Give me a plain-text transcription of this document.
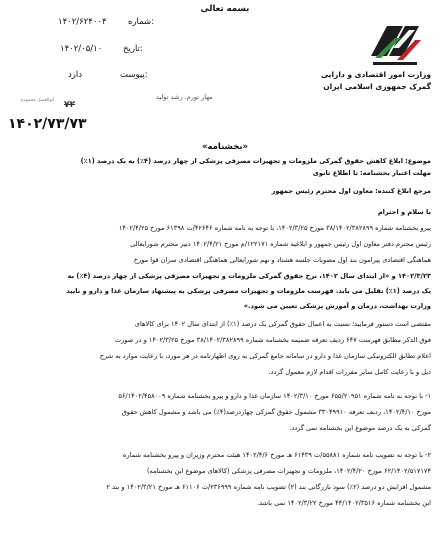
بسمه تعالی
شماره:
۱۴۰۲/۶۲۴۰۰۴
تاریخ:
۱۴۰۲/۰۵/۱۰
پیوست:
دارد
ابوالفضل محمودی
وزارت امور اقتصادی و دارایی
گمرک جمهوری اسلامی ایران
مهار تورم، رشد تولید
۱۴۰۲/۷۳/۷۳
۷۲
«بخشنامه»
موضوع: ابلاغ کاهش حقوق گمرکی ملزومات و تجهیزات مصرفی پزشکی از چهار درصد (۴٪) به یک درصد (۱٪)
مهلت اعتبار بخشنامه: تا اطلاع ثانوی
مرجع ابلاغ کننده: معاون اول محترم رئیس جمهور
با سلام و احترام
پیرو بخشنامه شماره ۳۸/۱۴۰۲/۳۸۲۸۹۹ مورخ ۱۴۰۲/۳/۲۵، با توجه به نامه شماره ۴۲۶۴۶/ت ۶۱۳۹۸ مورخ ۱۴۰۲/۴/۲۵
رئیس محترم دفتر معاون اول رئیس جمهور و ابلاغیه شماره ۱۲۲۱۷۱/م مورخ ۱۴۰۲/۴/۲۱ دبیر محترم شورایعالی
هماهنگی اقتصادی پیرامون بند اول مصوبات جلسه هشتاد و نهم شورایعالی هماهنگی اقتصادی سران قوا مورخ
۱۴۰۲/۳/۲۳ و «از ابتدای سال ۱۴۰۲، نرخ حقوق گمرکی ملزومات و تجهیزات مصرفی پزشکی از چهار درصد (۴٪) به
یک درصد (۱٪) تقلیل می یابد. فهرست ملزومات و تجهیزات مصرفی پزشکی به پیشنهاد سازمان غذا و دارو و تایید
وزارت بهداشت، درمان و آموزش پزشکی تعیین می شود.»
مقتضی است دستور فرمایید؛ نسبت به اعمال حقوق گمرکی یک درصد (۱٪) از ابتدای سال ۱۴۰۲ برای کالاهای
فوق الذکر مطابق فهرست ۶۴۷ ردیف تعرفه ضمیمه بخشنامه شماره ۳۸/۱۴۰۲/۳۸۲۸۹۹ مورخ ۱۴۰۲/۳/۲۵ و در صورت
اعلام تطابق الکترونیکی سازمان غذا و دارو در سامانه جامع گمرکی به روی اظهارنامه در هر مورد، با رعایت موارد به شرح
ذیل و با رعایت کامل سایر مقررات اقدام لازم معمول گردد.
۱- با توجه به نامه شماره ۶۵۵/۲۰۹۵۱ مورخ ۱۴۰۲/۳/۱۰ سازمان غذا و دارو و پیرو بخشنامه شماره ۵۶/۱۴۰۲/۴۵۸۰۰۹
مورخ ۱۴۰۲/۴/۱۰، ردیف تعرفه ۳۳۰۴۹۹۱۰ مشمول حقوق گمرکی چهاردرصد(۴٪) می باشد و مشمول کاهش حقوق
گمرکی به یک درصد موضوع این بخشنامه نمی گردد.
۲- با توجه به تصویب نامه شماره ۵۵۸۸۱/ت ۶۱۴۳۹ هـ مورخ ۱۴۰۲/۴/۶ هیئت محترم وزیران و پیرو بخشنامه شماره
۶۲/۱۴۰۲/۵۱۷۱۷۴ مورخ ۱۴۰۲/۴/۲۰، ملزومات و تجهیزات مصرفی پزشکی (کالاهای موضوع این بخشنامه)
مشمول افزایش دو درصد (۲٪) سود بازرگانی بند (۲) تصویب نامه شماره ۲۳۶۹۹۹/ت ۶۱۱۰۶ هـ مورخ ۱۴۰۲/۳/۲۱ و بند ۲
این بخشنامه شماره ۴۴/۱۴۰۲/۳۵۱۶ مورخ ۱۴۰۲/۳/۲۲ نمی باشد.
